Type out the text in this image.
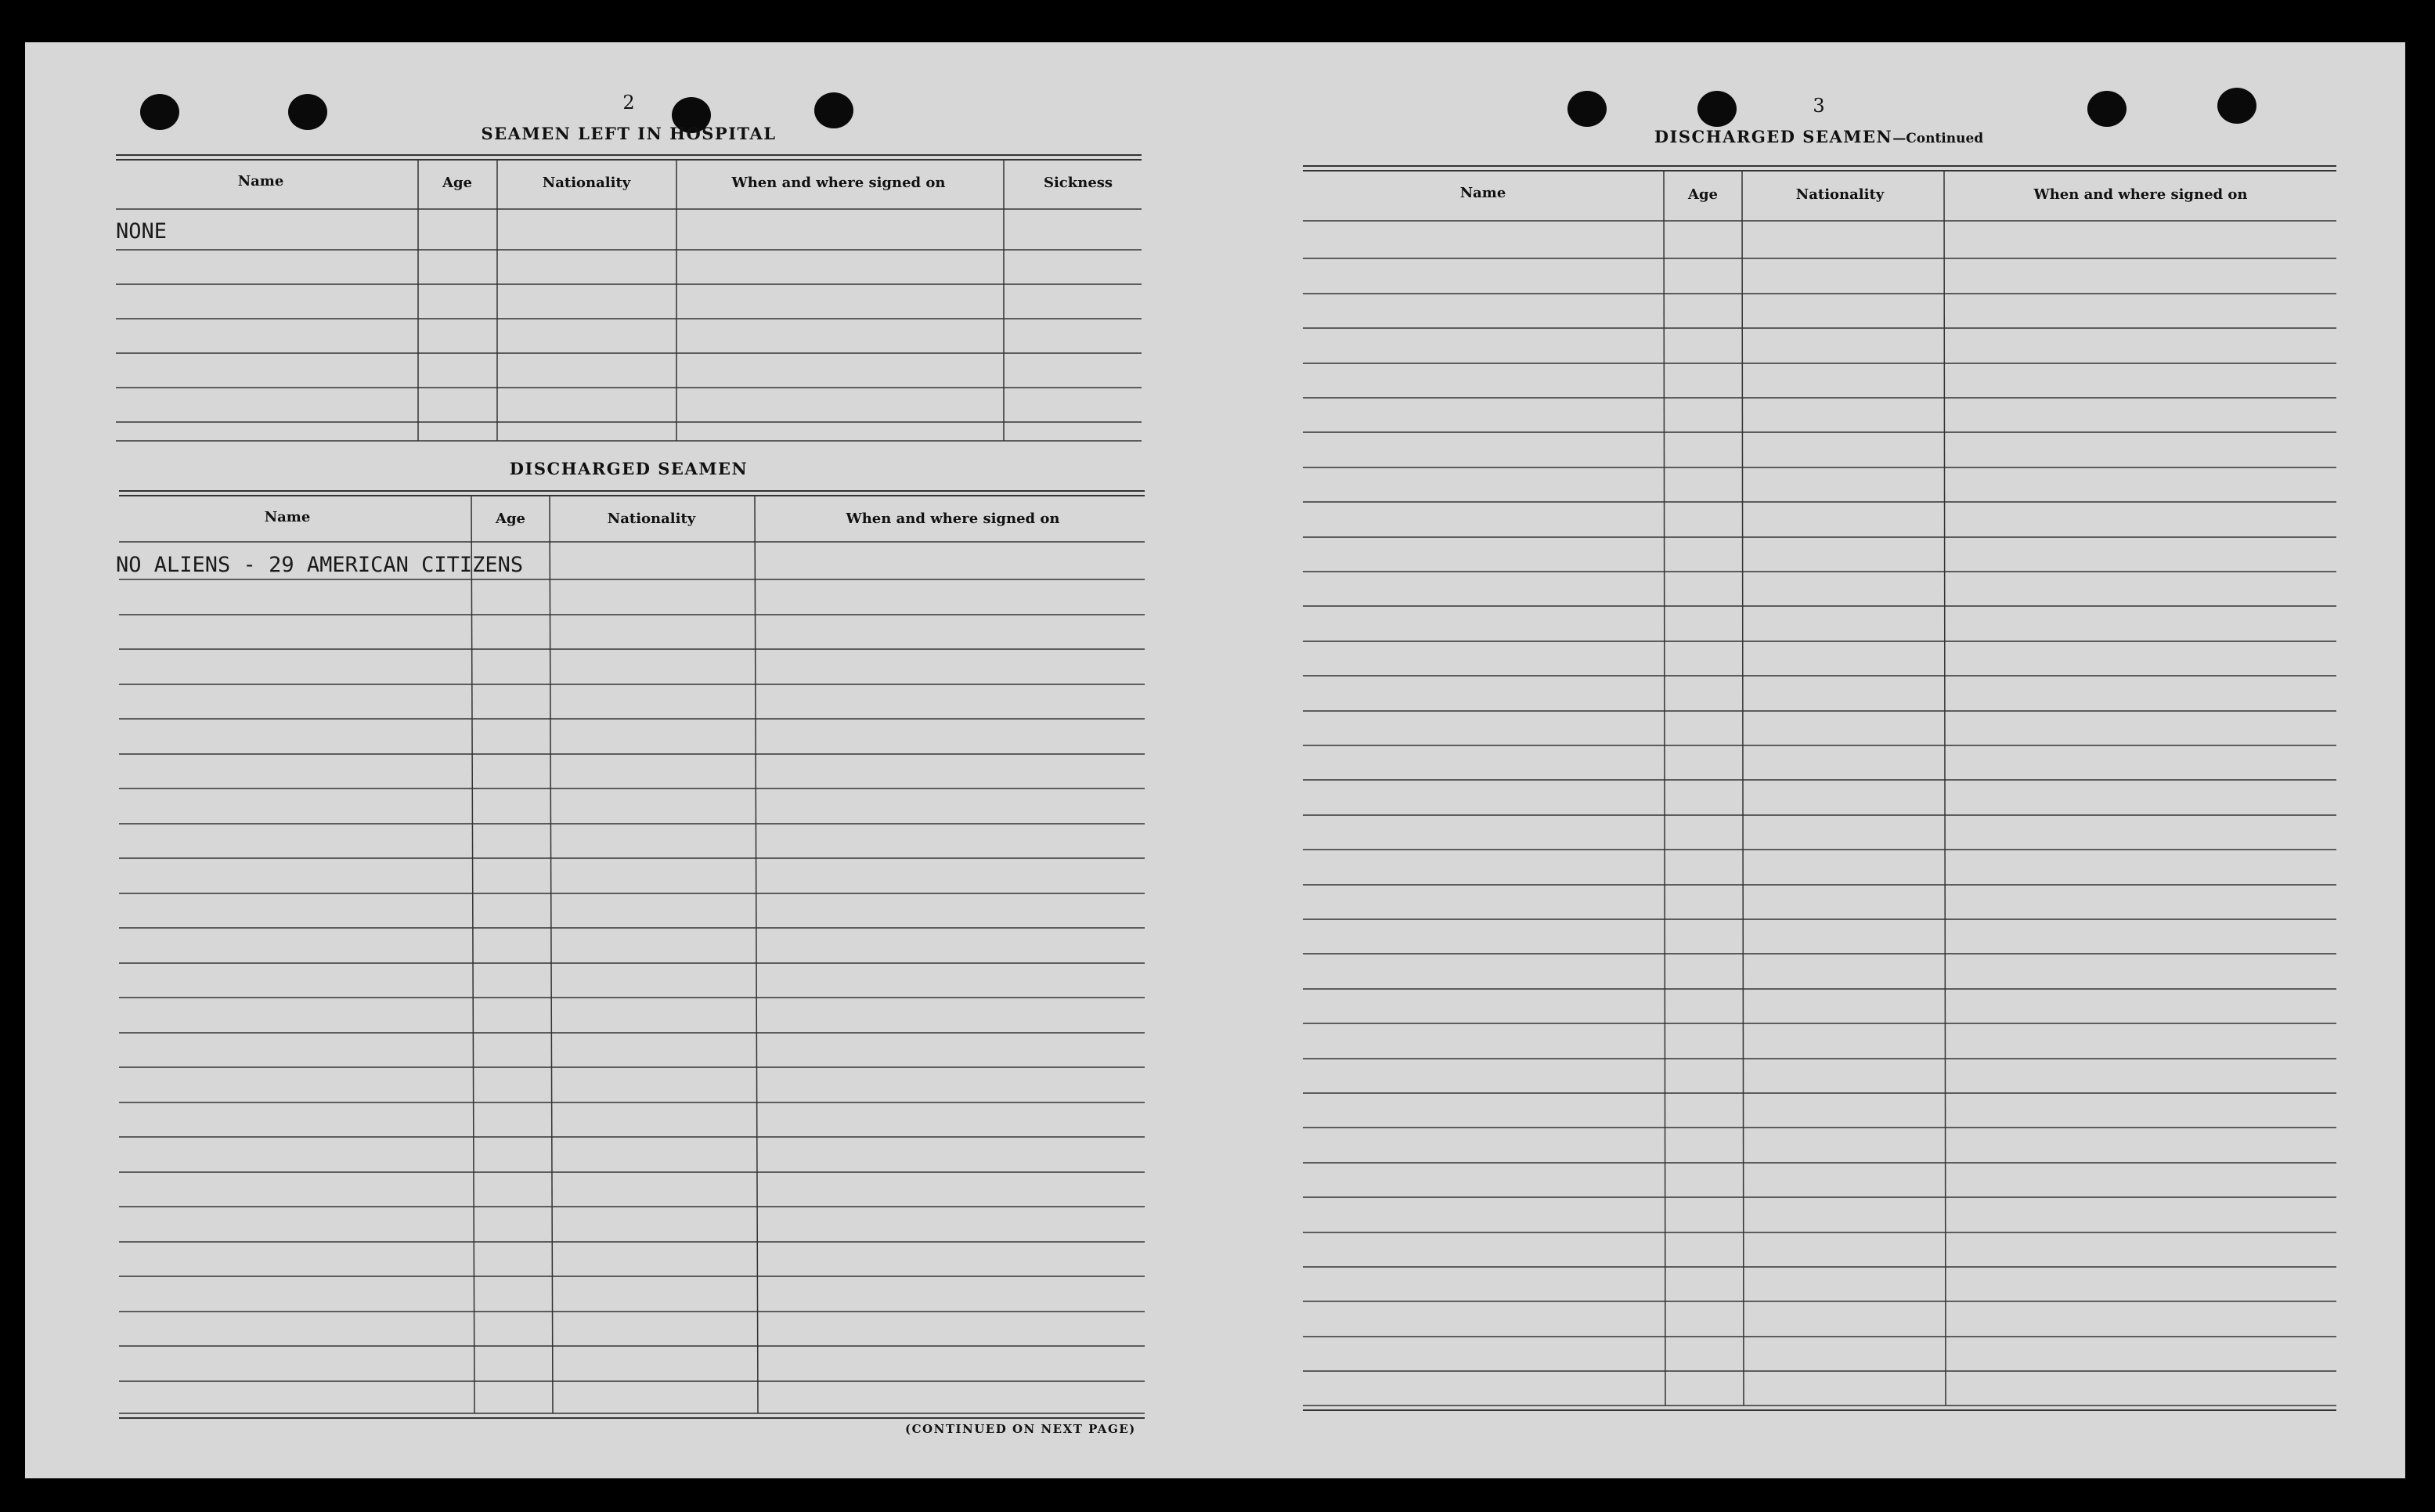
2
SEAMEN LEFT IN HOSPITAL
Name	Age	Nationality	When and where signed on	Sickness
NONE
DISCHARGED SEAMEN
Name	Age	Nationality	When and where signed on
NO ALIENS - 29 AMERICAN CITIZENS
(CONTINUED ON NEXT PAGE)
3
DISCHARGED SEAMEN—Continued
Name	Age	Nationality	When and where signed on
